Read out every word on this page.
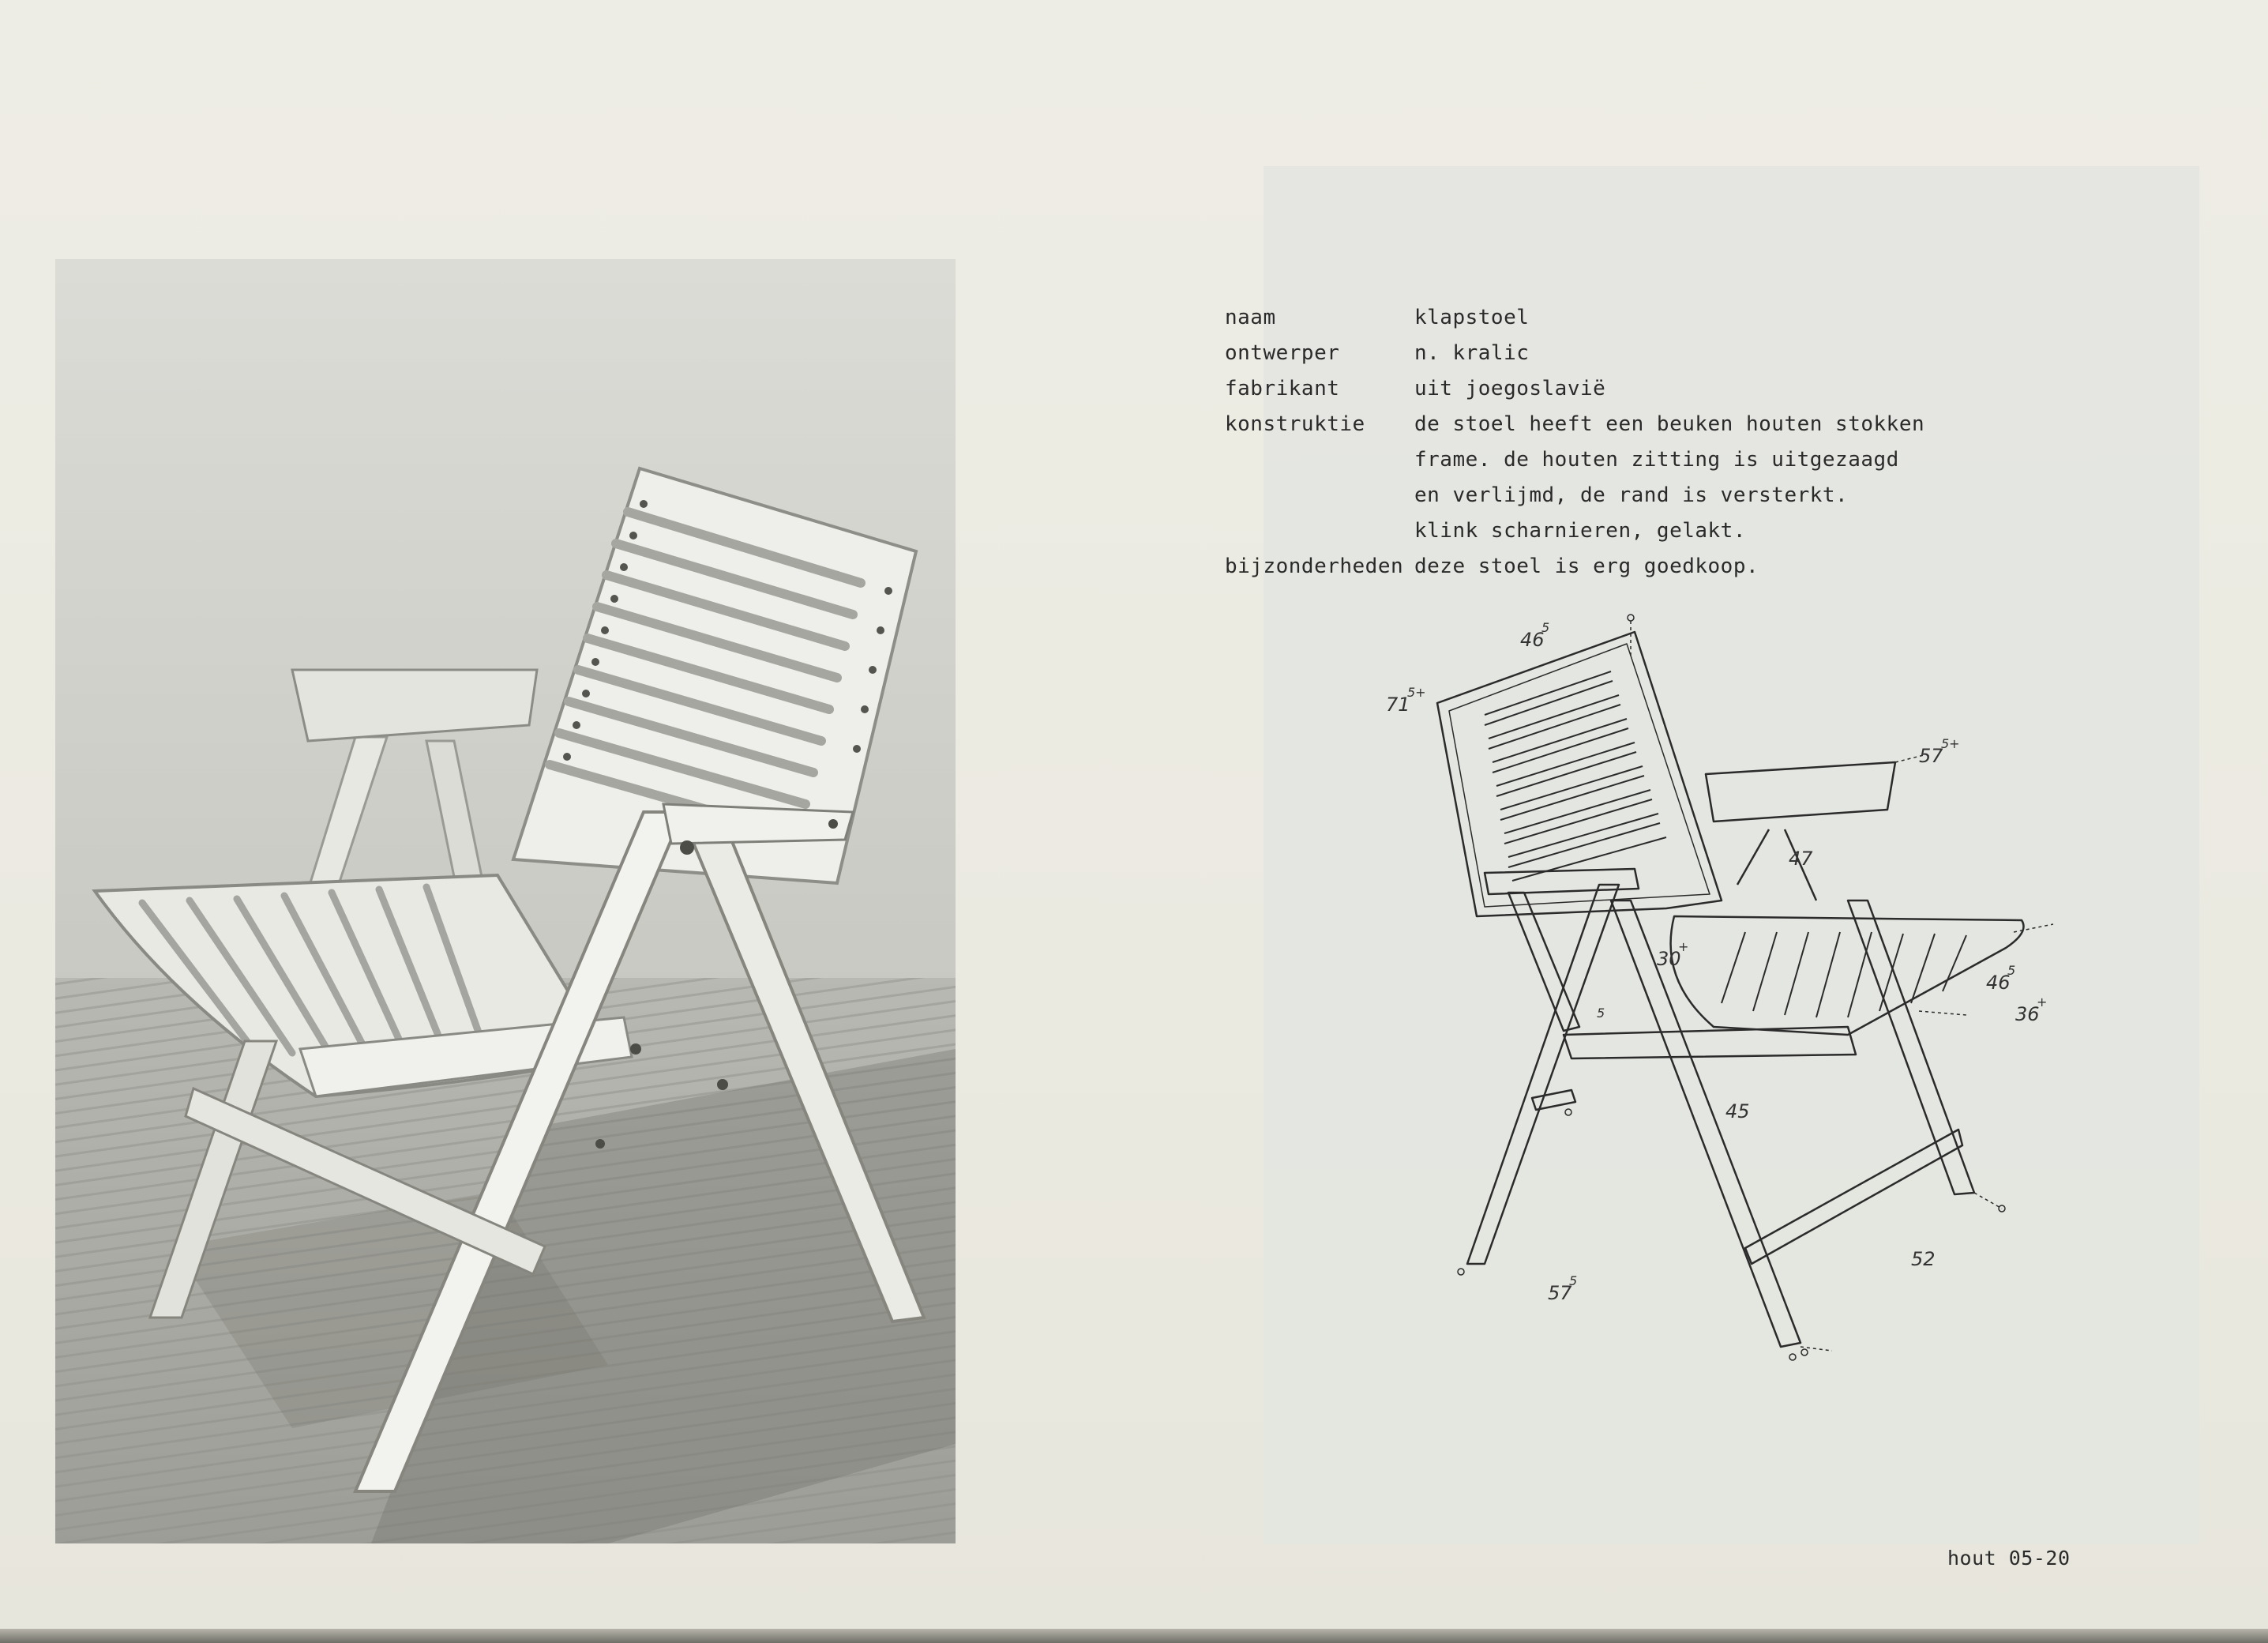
naam	klapstoel
ontwerper	n. kralic
fabrikant	uit joegoslavië
konstruktie	de stoel heeft een beuken houten stokken
frame. de houten zitting is uitgezaagd
en verlijmd, de rand is versterkt.
klink scharnieren, gelakt.
bijzonderheden deze stoel is erg goedkoop.
46
5
71
5+
57
5+
47
30
+
46
5
36
+
45
5
52
57
5
hout 05-20
